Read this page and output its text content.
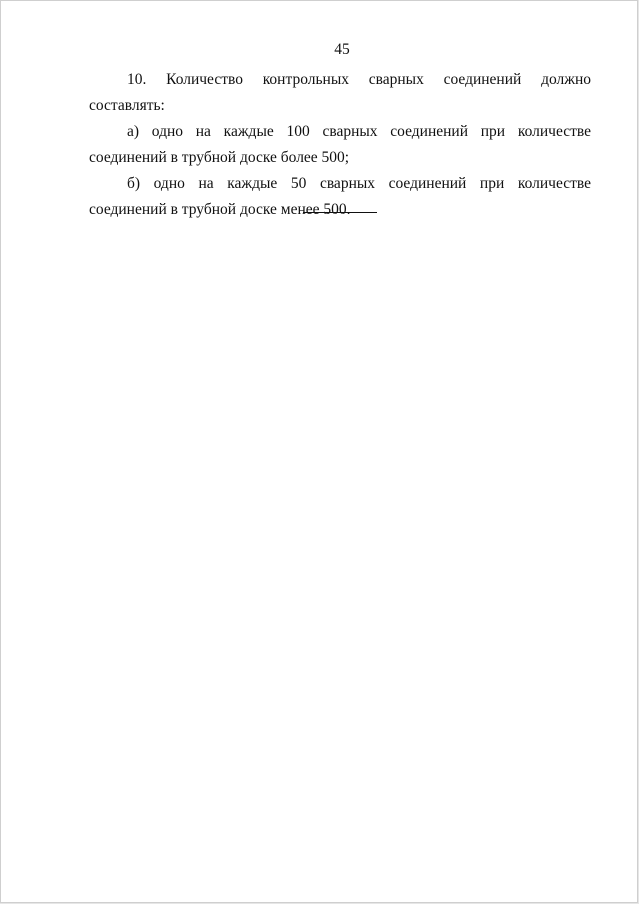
45

10. Количество контрольных сварных соединений должно составлять:

а) одно на каждые 100 сварных соединений при количестве соединений в трубной доске более 500;

б) одно на каждые 50 сварных соединений при количестве соединений в трубной доске менее 500.
